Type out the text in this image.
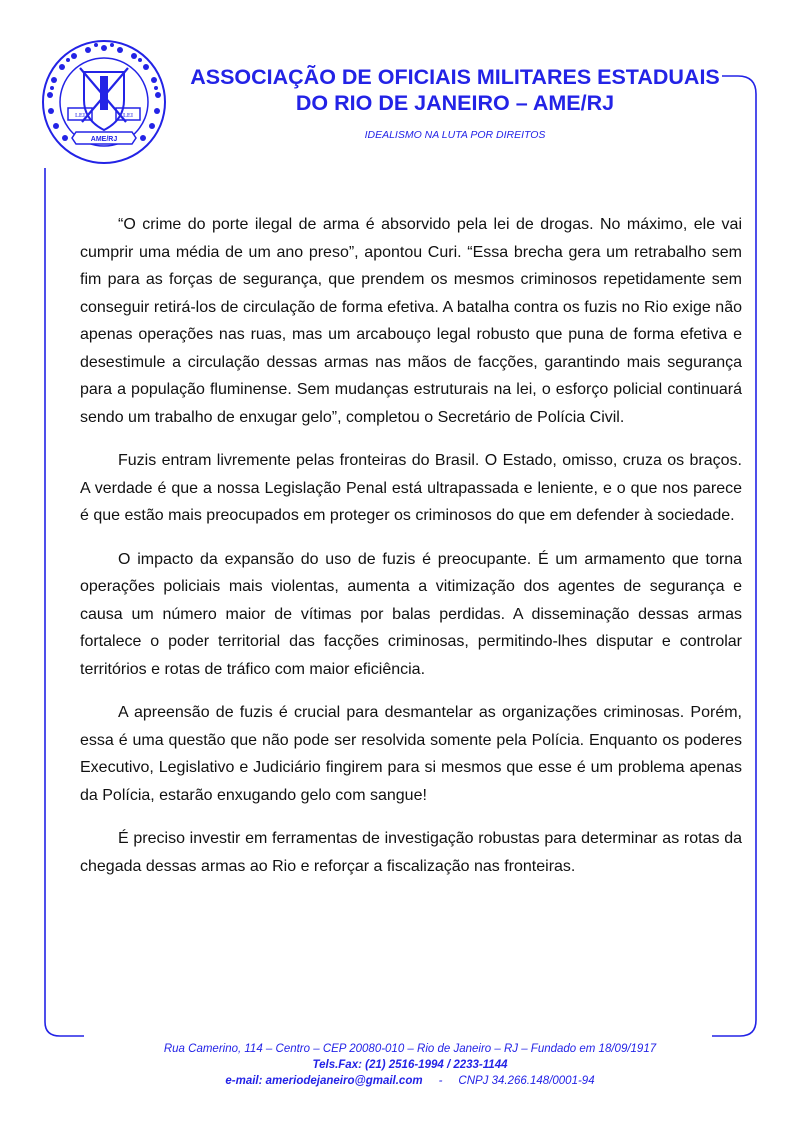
LEI	LEI
AME/RJ
ASSOCIAÇÃO DE OFICIAIS MILITARES ESTADUAIS
DO RIO DE JANEIRO – AME/RJ
IDEALISMO NA LUTA POR DIREITOS

“O crime do porte ilegal de arma é absorvido pela lei de drogas. No máximo, ele vai cumprir uma média de um ano preso”, apontou Curi. “Essa brecha gera um retrabalho sem fim para as forças de segurança, que prendem os mesmos criminosos repetidamente sem conseguir retirá-los de circulação de forma efetiva. A batalha contra os fuzis no Rio exige não apenas operações nas ruas, mas um arcabouço legal robusto que puna de forma efetiva e desestimule a circulação dessas armas nas mãos de facções, garantindo mais segurança para a população fluminense. Sem mudanças estruturais na lei, o esforço policial continuará sendo um trabalho de enxugar gelo”, completou o Secretário de Polícia Civil.

Fuzis entram livremente pelas fronteiras do Brasil. O Estado, omisso, cruza os braços. A verdade é que a nossa Legislação Penal está ultrapassada e leniente, e o que nos parece é que estão mais preocupados em proteger os criminosos do que em defender à sociedade.

O impacto da expansão do uso de fuzis é preocupante. É um armamento que torna operações policiais mais violentas, aumenta a vitimização dos agentes de segurança e causa um número maior de vítimas por balas perdidas. A disseminação dessas armas fortalece o poder territorial das facções criminosas, permitindo-lhes disputar e controlar territórios e rotas de tráfico com maior eficiência.

A apreensão de fuzis é crucial para desmantelar as organizações criminosas. Porém, essa é uma questão que não pode ser resolvida somente pela Polícia. Enquanto os poderes Executivo, Legislativo e Judiciário fingirem para si mesmos que esse é um problema apenas da Polícia, estarão enxugando gelo com sangue!

É preciso investir em ferramentas de investigação robustas para determinar as rotas da chegada dessas armas ao Rio e reforçar a fiscalização nas fronteiras.

Rua Camerino, 114 – Centro – CEP 20080-010 – Rio de Janeiro – RJ – Fundado em 18/09/1917
Tels.Fax: (21) 2516-1994 / 2233-1144
e-mail: ameriodejaneiro@gmail.com - CNPJ 34.266.148/0001-94
